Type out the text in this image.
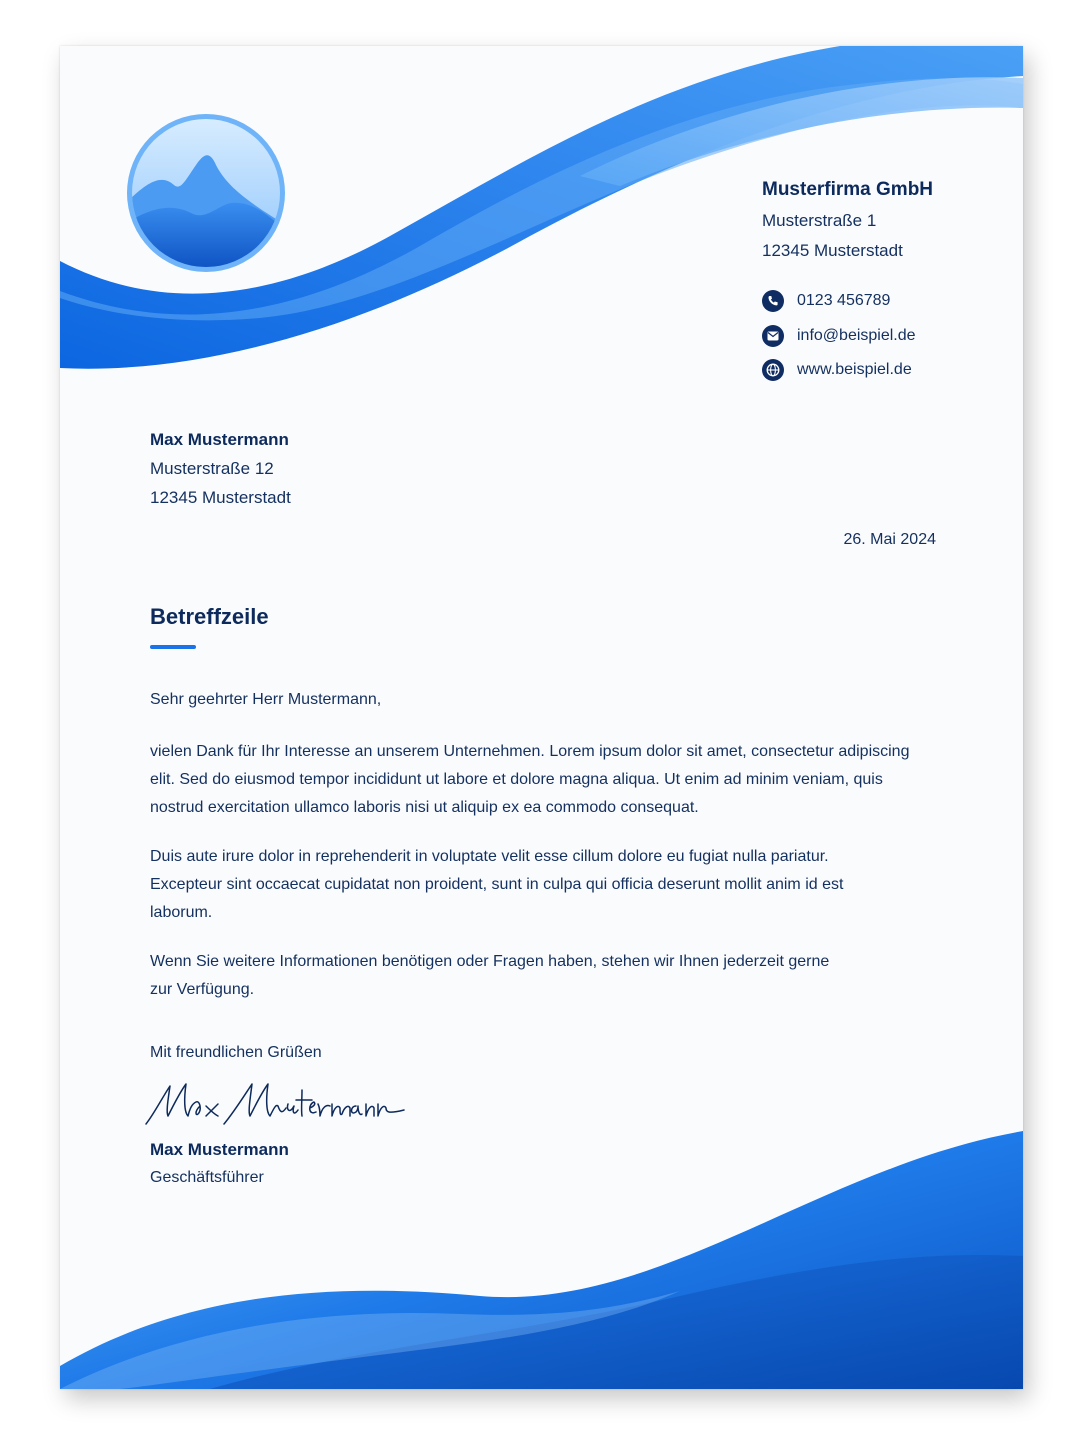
Musterfirma GmbH
Musterstraße 1
12345 Musterstadt
0123 456789
info@beispiel.de
www.beispiel.de
Max Mustermann
Musterstraße 12
12345 Musterstadt
26. Mai 2024
Betreffzeile

Sehr geehrter Herr Mustermann,

vielen Dank für Ihr Interesse an unserem Unternehmen. Lorem ipsum dolor sit amet, consectetur adipiscing elit. Sed do eiusmod tempor incididunt ut labore et dolore magna aliqua. Ut enim ad minim veniam, quis nostrud exercitation ullamco laboris nisi ut aliquip ex ea commodo consequat.

Duis aute irure dolor in reprehenderit in voluptate velit esse cillum dolore eu fugiat nulla pariatur. Excepteur sint occaecat cupidatat non proident, sunt in culpa qui officia deserunt mollit anim id est laborum.

Wenn Sie weitere Informationen benötigen oder Fragen haben, stehen wir Ihnen jederzeit gerne zur Verfügung.

Mit freundlichen Grüßen
Max Mustermann
Geschäftsführer
